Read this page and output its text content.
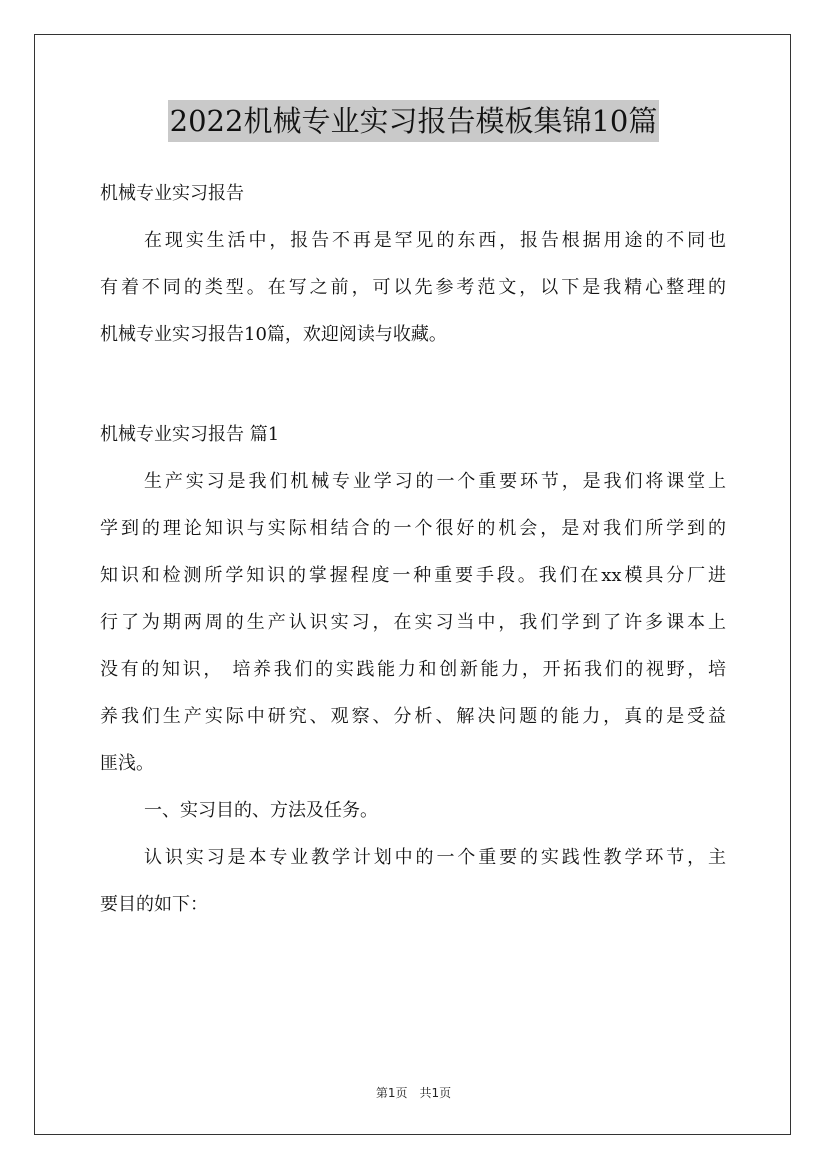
2022机械专业实习报告模板集锦10篇
机械专业实习报告
在现实生活中，报告不再是罕见的东西，报告根据用途的不同也
有着不同的类型。在写之前，可以先参考范文，以下是我精心整理的
机械专业实习报告10篇，欢迎阅读与收藏。
机械专业实习报告 篇1
生产实习是我们机械专业学习的一个重要环节，是我们将课堂上
学到的理论知识与实际相结合的一个很好的机会，是对我们所学到的
知识和检测所学知识的掌握程度一种重要手段。我们在xx模具分厂进
行了为期两周的生产认识实习，在实习当中，我们学到了许多课本上
没有的知识， 培养我们的实践能力和创新能力，开拓我们的视野，培
养我们生产实际中研究、观察、分析、解决问题的能力，真的是受益
匪浅。
一、实习目的、方法及任务。
认识实习是本专业教学计划中的一个重要的实践性教学环节，主
要目的如下：
第1页　共1页
